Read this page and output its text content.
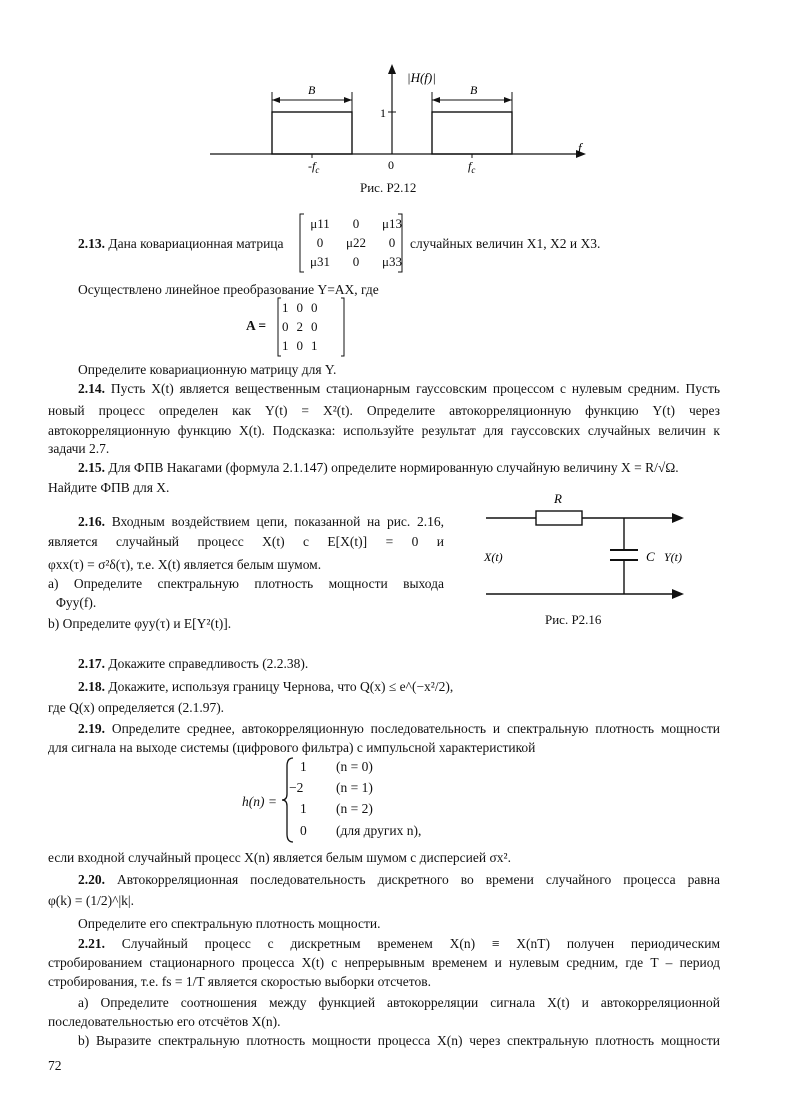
|H(f)|
B	B
1
$-f_c$	0	$f_c$
f
Рис. P2.12
2.13. Дана ковариационная матрица
μ11	0	μ13
0	μ22	0
μ31	0	μ33
случайных величин X1, X2 и X3.
Осуществлено линейное преобразование Y=AX, где
A =
1	0	0
0	2	0
1	0	1
Определите ковариационную матрицу для Y.
2.14. Пусть X(t) является вещественным стационарным гауссовским процессом с нулевым средним. Пусть
новый процесс определен как Y(t) = X²(t). Определите автокорреляционную функцию Y(t) через
автокорреляционную функцию X(t). Подсказка: используйте результат для гауссовских случайных величин к
задачи 2.7.
2.15. Для ФПВ Накагами (формула 2.1.147) определите нормированную случайную величину X = R/√Ω.
Найдите ФПВ для X.
2.16. Входным воздействием цепи, показанной на рис. 2.16,
является случайный процесс X(t) с E[X(t)] = 0 и
φxx(τ) = σ²δ(τ), т.е. X(t) является белым шумом.
а) Определите спектральную плотность мощности выхода
Φyy(f).
b) Определите φyy(τ) и E[Y²(t)].
R
C
X(t)	Y(t)
Рис. P2.16
2.17. Докажите справедливость (2.2.38).
2.18. Докажите, используя границу Чернова, что Q(x) ≤ e^(−x²/2),
где Q(x) определяется (2.1.97).
2.19. Определите среднее, автокорреляционную последовательность и спектральную плотность мощности
для сигнала на выходе системы (цифрового фильтра) с импульсной характеристикой
h(n) =
1 (n = 0)
−2 (n = 1)
1 (n = 2)
0 (для других n),
если входной случайный процесс X(n) является белым шумом с дисперсией σx².
2.20. Автокорреляционная последовательность дискретного во времени случайного процесса равна
φ(k) = (1/2)^|k|.
Определите его спектральную плотность мощности.
2.21. Случайный процесс с дискретным временем X(n) ≡ X(nT) получен периодическим
стробированием стационарного процесса X(t) с непрерывным временем и нулевым средним, где T – период
стробирования, т.е. fs = 1/T является скоростью выборки отсчетов.
а) Определите соотношения между функцией автокорреляции сигнала X(t) и автокорреляционной
последовательностью его отсчётов X(n).
b) Выразите спектральную плотность мощности процесса X(n) через спектральную плотность мощности
72
